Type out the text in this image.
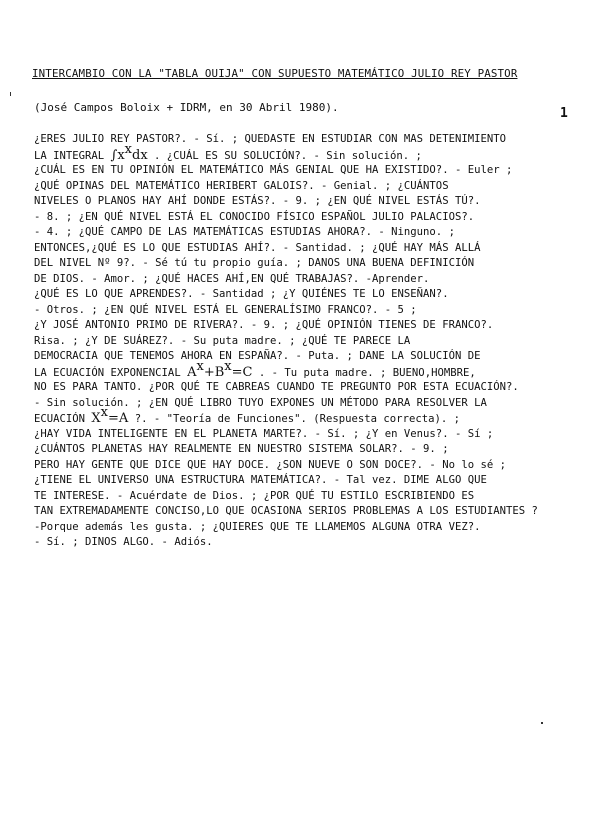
INTERCAMBIO CON LA "TABLA OUIJA" CON SUPUESTO MATEMÁTICO JULIO REY PASTOR
(José Campos Boloix + IDRM, en 30 Abril 1980).	1
¿ERES JULIO REY PASTOR?. - Sí. ; QUEDASTE EN ESTUDIAR CON MAS DETENIMIENTO
LA INTEGRAL $\int x^xdx$ . ¿CUÁL ES SU SOLUCIÓN?. - Sin solución. ;
¿CUÁL ES EN TU OPINIÓN EL MATEMÁTICO MÁS GENIAL QUE HA EXISTIDO?. - Euler ;
¿QUÉ OPINAS DEL MATEMÁTICO HERIBERT GALOIS?. - Genial. ; ¿CUÁNTOS
NIVELES O PLANOS HAY AHÍ DONDE ESTÁS?. - 9. ; ¿EN QUÉ NIVEL ESTÁS TÚ?.
- 8. ; ¿EN QUÉ NIVEL ESTÁ EL CONOCIDO FÍSICO ESPAÑOL JULIO PALACIOS?.
- 4. ; ¿QUÉ CAMPO DE LAS MATEMÁTICAS ESTUDIAS AHORA?. - Ninguno. ;
ENTONCES,¿QUÉ ES LO QUE ESTUDIAS AHÍ?. - Santidad. ; ¿QUÉ HAY MÁS ALLÁ
DEL NIVEL Nº 9?. - Sé tú tu propio guía. ; DANOS UNA BUENA DEFINICIÓN
DE DIOS. - Amor. ; ¿QUÉ HACES AHÍ,EN QUÉ TRABAJAS?. -Aprender.
¿QUÉ ES LO QUE APRENDES?. - Santidad ; ¿Y QUIÉNES TE LO ENSEÑAN?.
- Otros. ; ¿EN QUÉ NIVEL ESTÁ EL GENERALÍSIMO FRANCO?. - 5 ;
¿Y JOSÉ ANTONIO PRIMO DE RIVERA?. - 9. ; ¿QUÉ OPINIÓN TIENES DE FRANCO?.
Risa. ; ¿Y DE SUÁREZ?. - Su puta madre. ; ¿QUÉ TE PARECE LA
DEMOCRACIA QUE TENEMOS AHORA EN ESPAÑA?. - Puta. ; DANE LA SOLUCIÓN DE
LA ECUACIÓN EXPONENCIAL $A^x+B^x=C$ . - Tu puta madre. ; BUENO,HOMBRE,
NO ES PARA TANTO. ¿POR QUÉ TE CABREAS CUANDO TE PREGUNTO POR ESTA ECUACIÓN?.
- Sin solución. ; ¿EN QUÉ LIBRO TUYO EXPONES UN MÉTODO PARA RESOLVER LA
ECUACIÓN $X^x=A$ ?. - "Teoría de Funciones". (Respuesta correcta). ;
¿HAY VIDA INTELIGENTE EN EL PLANETA MARTE?. - Sí. ; ¿Y en Venus?. - Sí ;
¿CUÁNTOS PLANETAS HAY REALMENTE EN NUESTRO SISTEMA SOLAR?. - 9. ;
PERO HAY GENTE QUE DICE QUE HAY DOCE. ¿SON NUEVE O SON DOCE?. - No lo sé ;
¿TIENE EL UNIVERSO UNA ESTRUCTURA MATEMÁTICA?. - Tal vez. DIME ALGO QUE
TE INTERESE. - Acuérdate de Dios. ; ¿POR QUÉ TU ESTILO ESCRIBIENDO ES
TAN EXTREMADAMENTE CONCISO,LO QUE OCASIONA SERIOS PROBLEMAS A LOS ESTUDIANTES ?
-Porque además les gusta. ; ¿QUIERES QUE TE LLAMEMOS ALGUNA OTRA VEZ?.
- Sí. ; DINOS ALGO. - Adiós.
